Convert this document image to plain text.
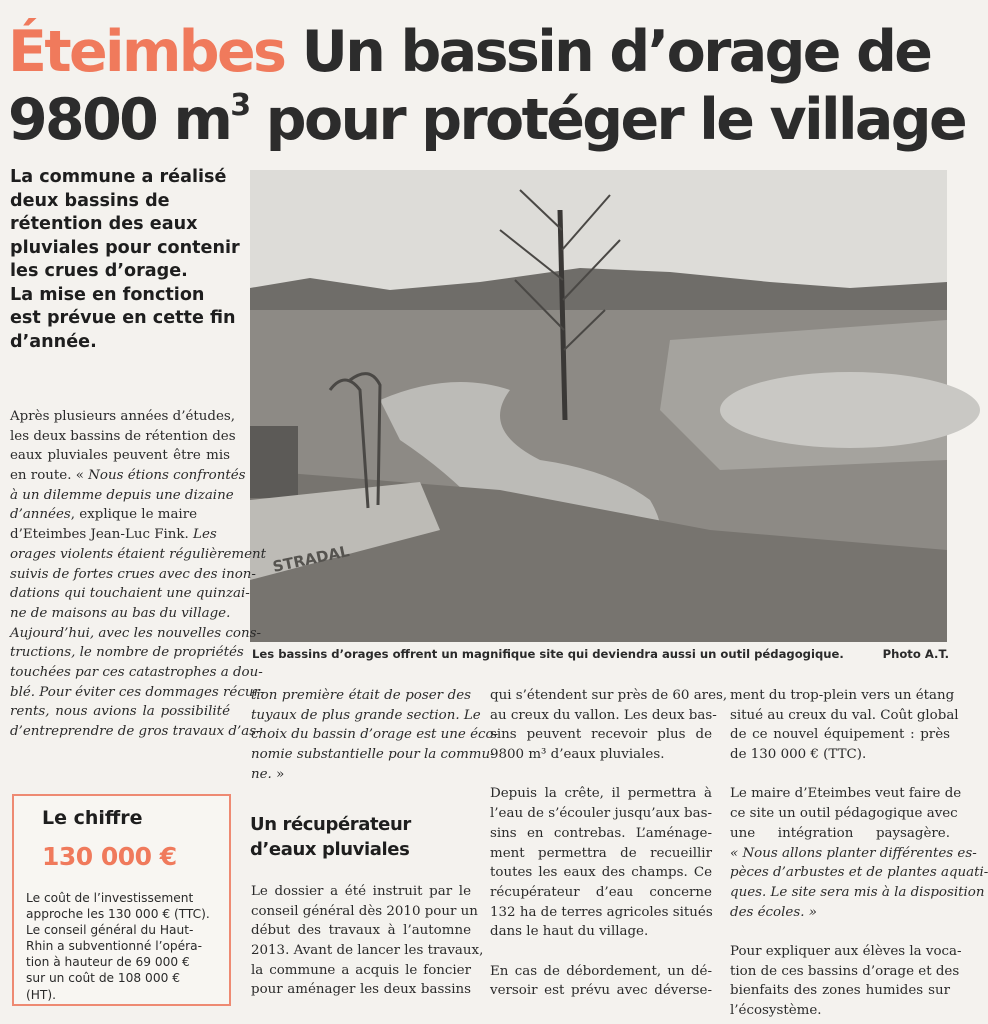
Éteimbes Un bassin d’orage de
9800 $m^3$ pour protéger le village

La commune a réalisé
deux bassins de
rétention des eaux
pluviales pour contenir
les crues d’orage.
La mise en fonction
est prévue en cette fin
d’année.

STRADAL
Les bassins d’orages offrent un magnifique site qui deviendra aussi un outil pédagogique.	Photo A.T.
Après plusieurs années d’études,
les deux bassins de rétention des
eaux pluviales peuvent être mis
en route. « Nous étions confrontés
à un dilemme depuis une dizaine
d’années, explique le maire
d’Eteimbes Jean-Luc Fink. Les
orages violents étaient régulièrement
suivis de fortes crues avec des inon-
dations qui touchaient une quinzai-
ne de maisons au bas du village.
Aujourd’hui, avec les nouvelles cons-
tructions, le nombre de propriétés
touchées par ces catastrophes a dou-
blé. Pour éviter ces dommages récur-
rents, nous avions la possibilité
d’entreprendre de gros travaux d’as-
tion première était de poser des
tuyaux de plus grande section. Le
choix du bassin d’orage est une éco-
nomie substantielle pour la commu-
ne. »
Un récupérateur
d’eaux pluviales
Le dossier a été instruit par le
conseil général dès 2010 pour un
début des travaux à l’automne
2013. Avant de lancer les travaux,
la commune a acquis le foncier
pour aménager les deux bassins
qui s’étendent sur près de 60 ares,
au creux du vallon. Les deux bas-
sins peuvent recevoir plus de
9800 m³ d’eaux pluviales.
Depuis la crête, il permettra à
l’eau de s’écouler jusqu’aux bas-
sins en contrebas. L’aménage-
ment permettra de recueillir
toutes les eaux des champs. Ce
récupérateur d’eau concerne
132 ha de terres agricoles situés
dans le haut du village.
En cas de débordement, un dé-
versoir est prévu avec déverse-
ment du trop-plein vers un étang
situé au creux du val. Coût global
de ce nouvel équipement : près
de 130 000 € (TTC).
Le maire d’Eteimbes veut faire de
ce site un outil pédagogique avec
une intégration paysagère.
« Nous allons planter différentes es-
pèces d’arbustes et de plantes aquati-
ques. Le site sera mis à la disposition
des écoles. »
Pour expliquer aux élèves la voca-
tion de ces bassins d’orage et des
bienfaits des zones humides sur
l’écosystème.
Le chiffre
130 000 €
Le coût de l’investissement
approche les 130 000 € (TTC).
Le conseil général du Haut-
Rhin a subventionné l’opéra-
tion à hauteur de 69 000 €
sur un coût de 108 000 €
(HT).
